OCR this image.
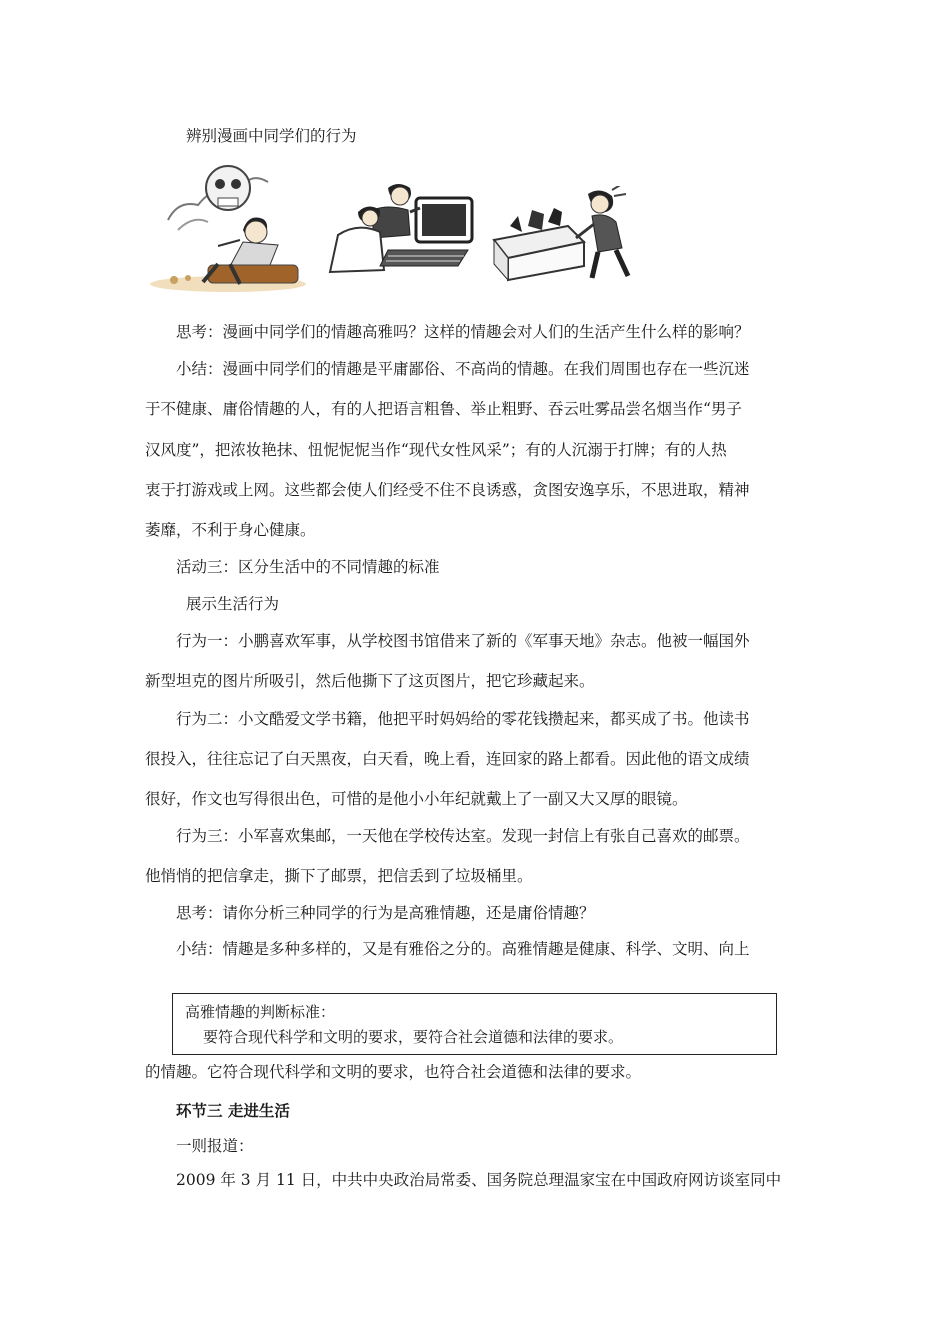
辨别漫画中同学们的行为
思考：漫画中同学们的情趣高雅吗？这样的情趣会对人们的生活产生什么样的影响？
小结：漫画中同学们的情趣是平庸鄙俗、不高尚的情趣。在我们周围也存在一些沉迷
于不健康、庸俗情趣的人，有的人把语言粗鲁、举止粗野、吞云吐雾品尝名烟当作“男子
汉风度”，把浓妆艳抹、忸怩怩怩当作“现代女性风采”；有的人沉溺于打牌；有的人热
衷于打游戏或上网。这些都会使人们经受不住不良诱惑，贪图安逸享乐，不思进取，精神
萎靡，不利于身心健康。
活动三：区分生活中的不同情趣的标准
展示生活行为
行为一：小鹏喜欢军事，从学校图书馆借来了新的《军事天地》杂志。他被一幅国外
新型坦克的图片所吸引，然后他撕下了这页图片，把它珍藏起来。
行为二：小文酷爱文学书籍，他把平时妈妈给的零花钱攒起来，都买成了书。他读书
很投入，往往忘记了白天黑夜，白天看，晚上看，连回家的路上都看。因此他的语文成绩
很好，作文也写得很出色，可惜的是他小小年纪就戴上了一副又大又厚的眼镜。
行为三：小军喜欢集邮，一天他在学校传达室。发现一封信上有张自己喜欢的邮票。
他悄悄的把信拿走，撕下了邮票，把信丢到了垃圾桶里。
思考：请你分析三种同学的行为是高雅情趣，还是庸俗情趣？
小结：情趣是多种多样的，又是有雅俗之分的。高雅情趣是健康、科学、文明、向上
高雅情趣的判断标准：
要符合现代科学和文明的要求，要符合社会道德和法律的要求。
的情趣。它符合现代科学和文明的要求，也符合社会道德和法律的要求。
环节三 走进生活
一则报道：
2009 年 3 月 11 日，中共中央政治局常委、国务院总理温家宝在中国政府网访谈室同中
